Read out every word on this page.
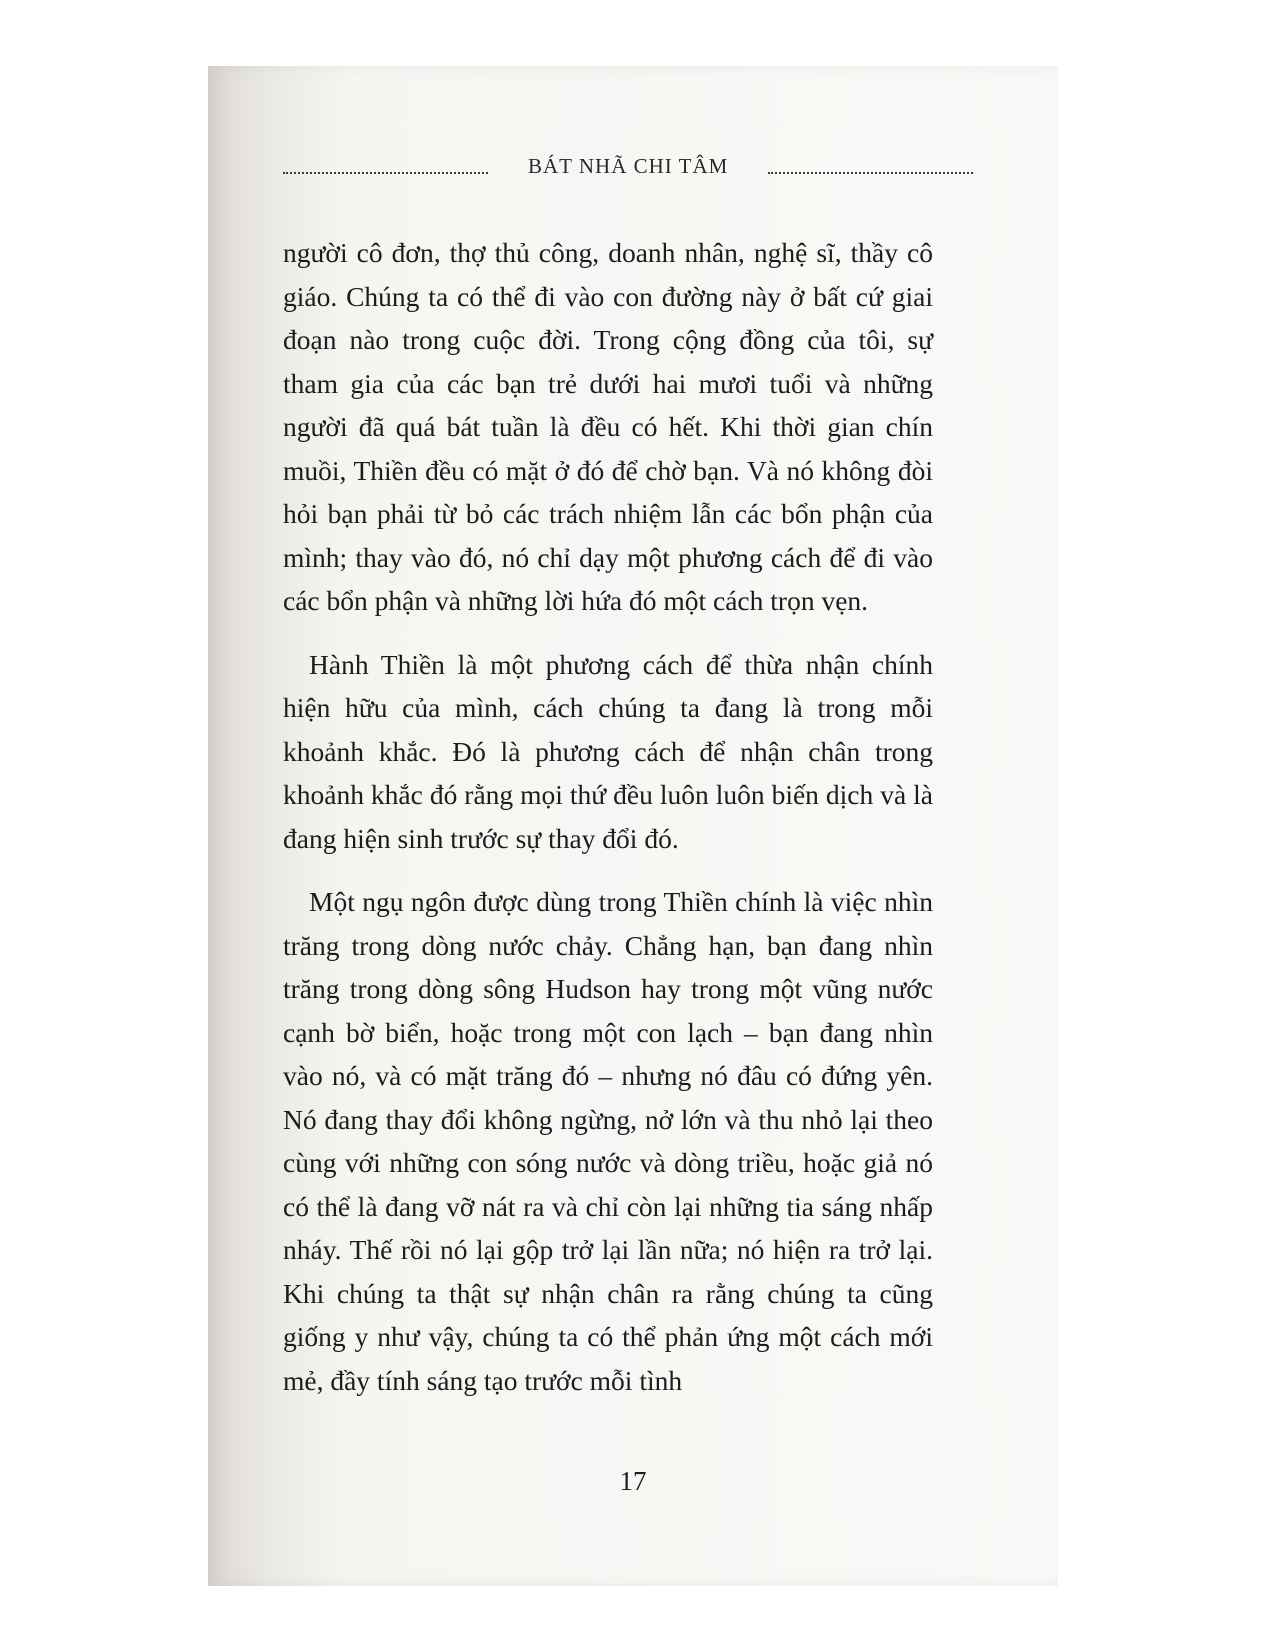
BÁT NHÃ CHI TÂM

người cô đơn, thợ thủ công, doanh nhân, nghệ sĩ, thầy cô giáo. Chúng ta có thể đi vào con đường này ở bất cứ giai đoạn nào trong cuộc đời. Trong cộng đồng của tôi, sự tham gia của các bạn trẻ dưới hai mươi tuổi và những người đã quá bát tuần là đều có hết. Khi thời gian chín muồi, Thiền đều có mặt ở đó để chờ bạn. Và nó không đòi hỏi bạn phải từ bỏ các trách nhiệm lẫn các bổn phận của mình; thay vào đó, nó chỉ dạy một phương cách để đi vào các bổn phận và những lời hứa đó một cách trọn vẹn.

Hành Thiền là một phương cách để thừa nhận chính hiện hữu của mình, cách chúng ta đang là trong mỗi khoảnh khắc. Đó là phương cách để nhận chân trong khoảnh khắc đó rằng mọi thứ đều luôn luôn biến dịch và là đang hiện sinh trước sự thay đổi đó.

Một ngụ ngôn được dùng trong Thiền chính là việc nhìn trăng trong dòng nước chảy. Chẳng hạn, bạn đang nhìn trăng trong dòng sông Hudson hay trong một vũng nước cạnh bờ biển, hoặc trong một con lạch – bạn đang nhìn vào nó, và có mặt trăng đó – nhưng nó đâu có đứng yên. Nó đang thay đổi không ngừng, nở lớn và thu nhỏ lại theo cùng với những con sóng nước và dòng triều, hoặc giả nó có thể là đang vỡ nát ra và chỉ còn lại những tia sáng nhấp nháy. Thế rồi nó lại gộp trở lại lần nữa; nó hiện ra trở lại. Khi chúng ta thật sự nhận chân ra rằng chúng ta cũng giống y như vậy, chúng ta có thể phản ứng một cách mới mẻ, đầy tính sáng tạo trước mỗi tình

17
